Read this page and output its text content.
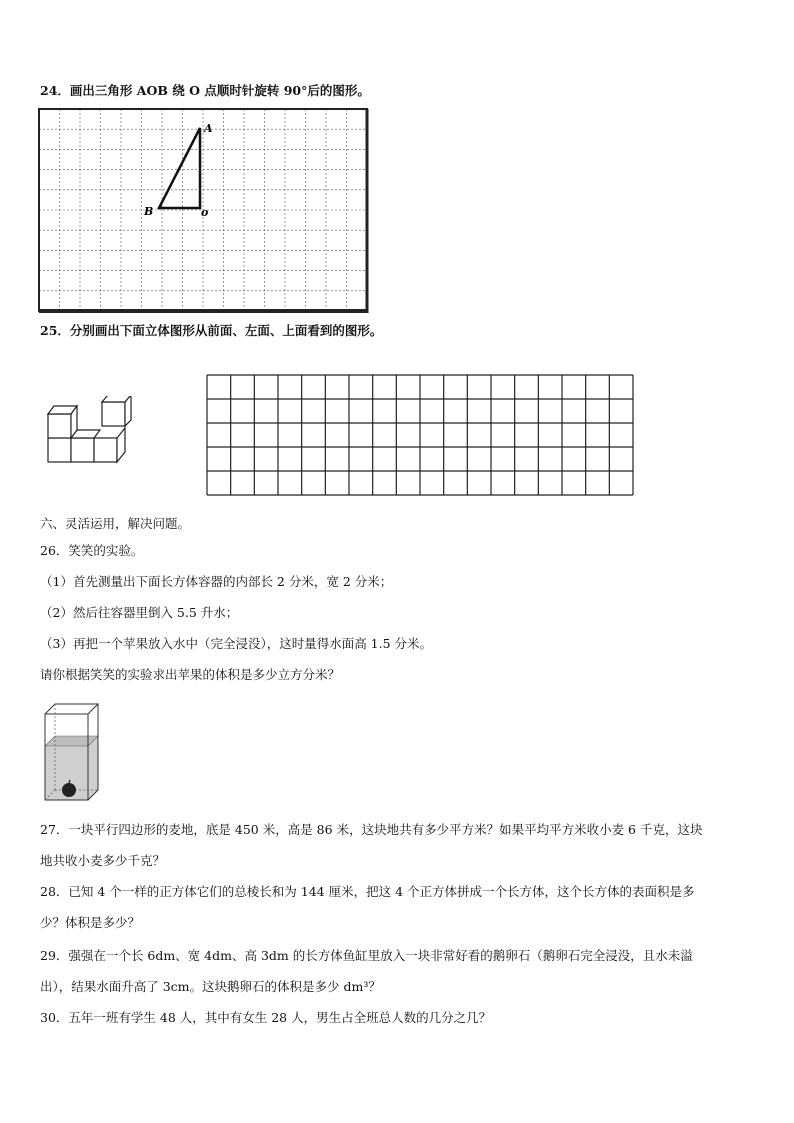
24．画出三角形 AOB 绕 O 点顺时针旋转 90°后的图形。
A
B	o
25．分别画出下面立体图形从前面、左面、上面看到的图形。
六、灵活运用，解决问题。
26．笑笑的实验。
（1）首先测量出下面长方体容器的内部长 2 分米，宽 2 分米；
（2）然后往容器里倒入 5.5 升水；
（3）再把一个苹果放入水中（完全浸没），这时量得水面高 1.5 分米。
请你根据笑笑的实验求出苹果的体积是多少立方分米？
27．一块平行四边形的麦地，底是 450 米，高是 86 米，这块地共有多少平方米？如果平均平方米收小麦 6 千克，这块
地共收小麦多少千克？
28．已知 4 个一样的正方体它们的总棱长和为 144 厘米，把这 4 个正方体拼成一个长方体，这个长方体的表面积是多
少？体积是多少？
29．强强在一个长 6dm、宽 4dm、高 3dm 的长方体鱼缸里放入一块非常好看的鹅卵石（鹅卵石完全浸没，且水未溢
出），结果水面升高了 3cm。这块鹅卵石的体积是多少 dm³？
30．五年一班有学生 48 人，其中有女生 28 人，男生占全班总人数的几分之几？
